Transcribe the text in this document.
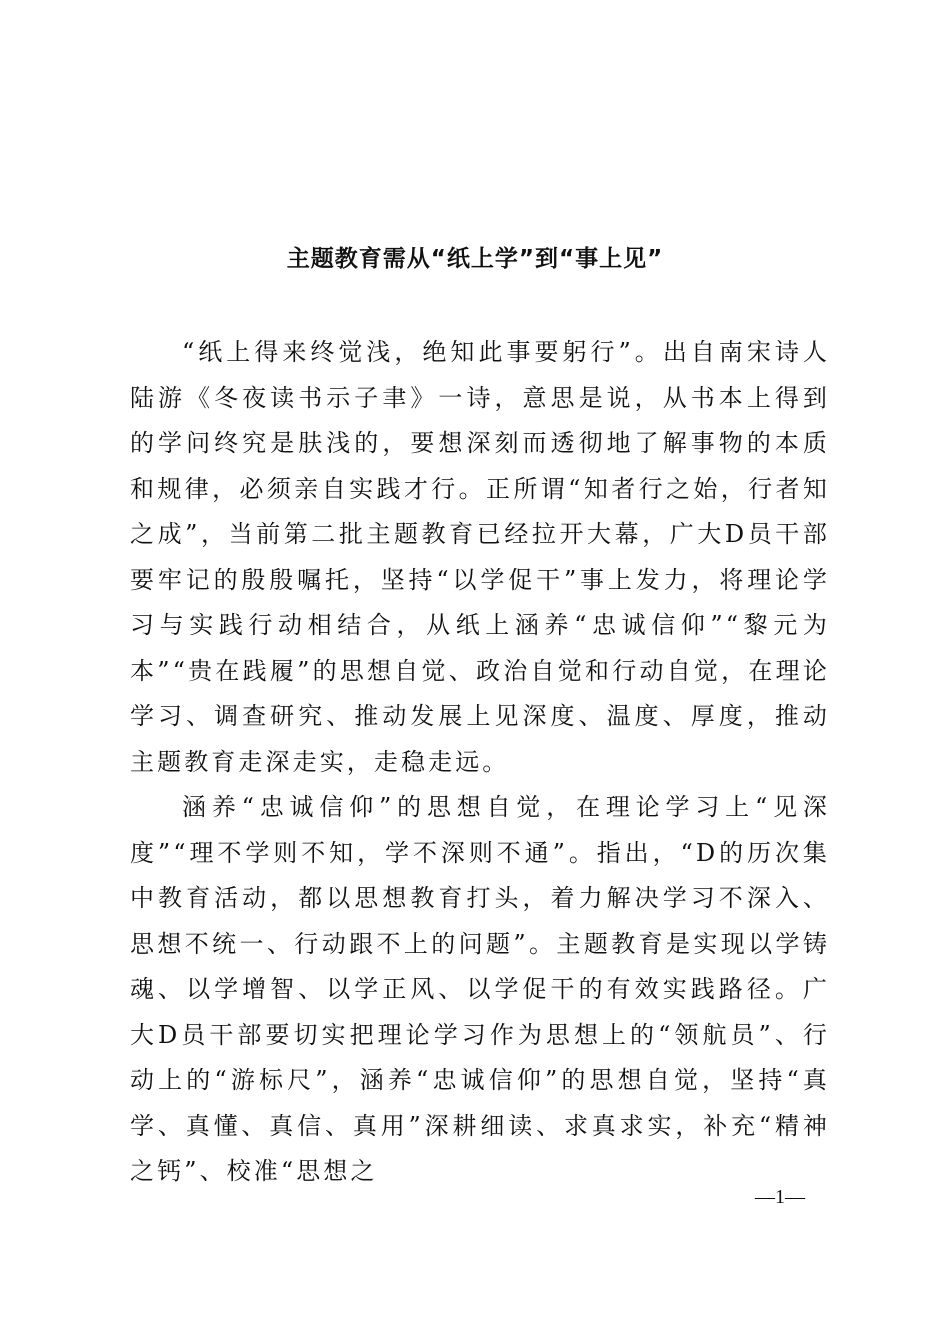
主题教育需从“纸上学”到“事上见”

“纸上得来终觉浅，绝知此事要躬行”。出自南宋诗人陆游《冬夜读书示子聿》一诗，意思是说，从书本上得到的学问终究是肤浅的，要想深刻而透彻地了解事物的本质和规律，必须亲自实践才行。正所谓“知者行之始，行者知之成”，当前第二批主题教育已经拉开大幕，广大D员干部要牢记的殷殷嘱托，坚持“以学促干”事上发力，将理论学习与实践行动相结合，从纸上涵养“忠诚信仰”“黎元为本”“贵在践履”的思想自觉、政治自觉和行动自觉，在理论学习、调查研究、推动发展上见深度、温度、厚度，推动主题教育走深走实，走稳走远。

涵养“忠诚信仰”的思想自觉，在理论学习上“见深度”“理不学则不知，学不深则不通”。指出，“D的历次集中教育活动，都以思想教育打头，着力解决学习不深入、思想不统一、行动跟不上的问题”。主题教育是实现以学铸魂、以学增智、以学正风、以学促干的有效实践路径。广大D员干部要切实把理论学习作为思想上的“领航员”、行动上的“游标尺”，涵养“忠诚信仰”的思想自觉，坚持“真学、真懂、真信、真用”深耕细读、求真求实，补充“精神之钙”、校准“思想之

—1—
